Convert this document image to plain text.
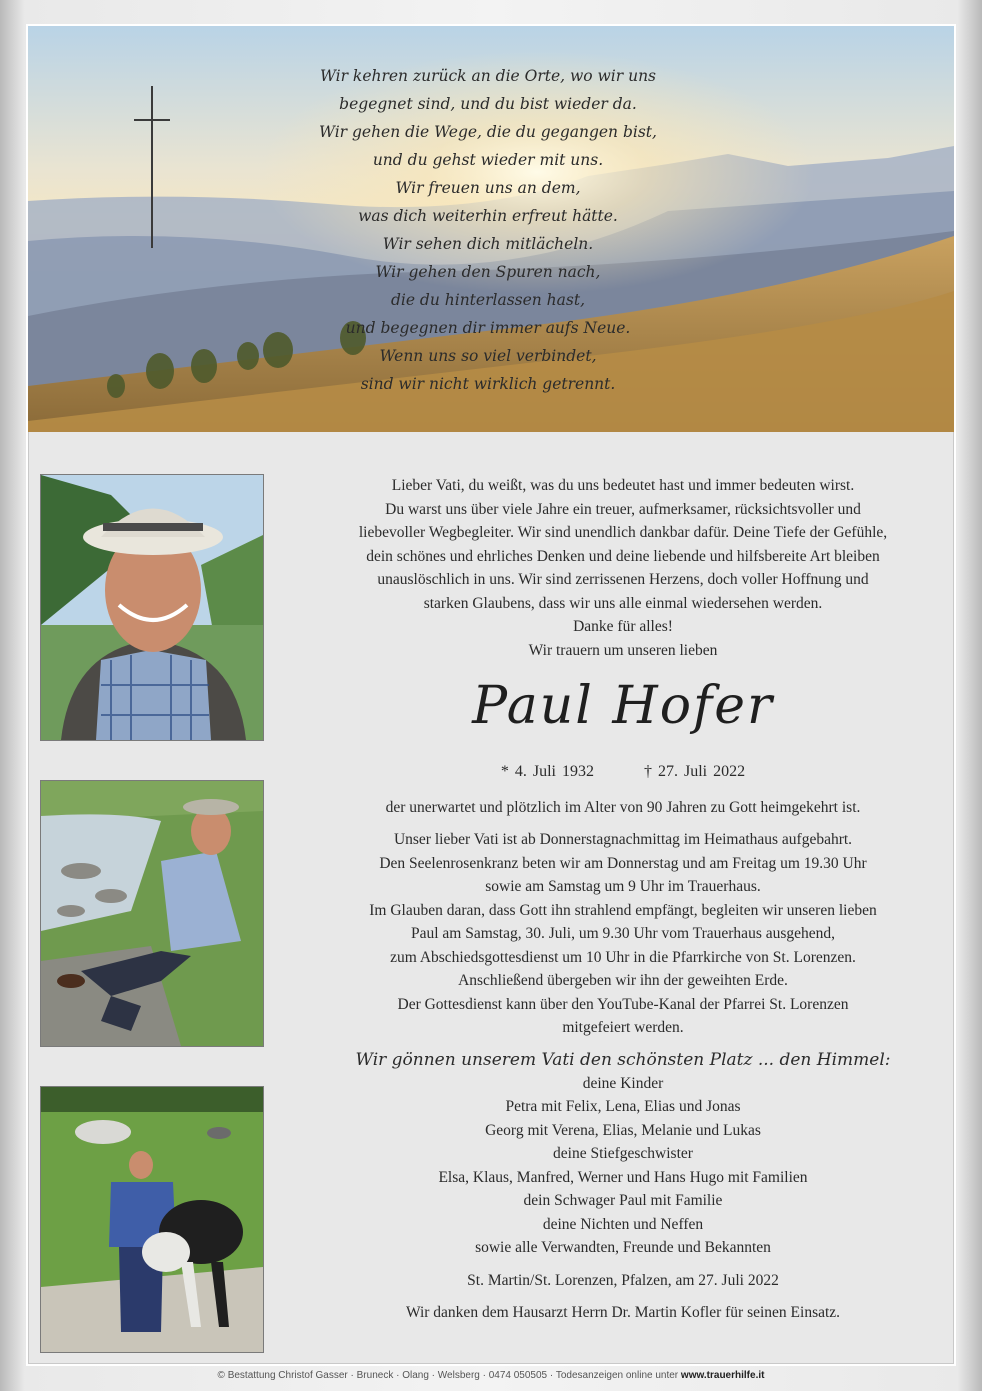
Wir kehren zurück an die Orte, wo wir uns
begegnet sind, und du bist wieder da.
Wir gehen die Wege, die du gegangen bist,
und du gehst wieder mit uns.
Wir freuen uns an dem,
was dich weiterhin erfreut hätte.
Wir sehen dich mitlächeln.
Wir gehen den Spuren nach,
die du hinterlassen hast,
und begegnen dir immer aufs Neue.
Wenn uns so viel verbindet,
sind wir nicht wirklich getrennt.
Lieber Vati, du weißt, was du uns bedeutet hast und immer bedeuten wirst.
Du warst uns über viele Jahre ein treuer, aufmerksamer, rücksichtsvoller und
liebevoller Wegbegleiter. Wir sind unendlich dankbar dafür. Deine Tiefe der Gefühle,
dein schönes und ehrliches Denken und deine liebende und hilfsbereite Art bleiben
unauslöschlich in uns. Wir sind zerrissenen Herzens, doch voller Hoffnung und
starken Glaubens, dass wir uns alle einmal wiedersehen werden.
Danke für alles!
Wir trauern um unseren lieben
Paul Hofer
* 4. Juli 1932	† 27. Juli 2022

der unerwartet und plötzlich im Alter von 90 Jahren zu Gott heimgekehrt ist.

Unser lieber Vati ist ab Donnerstagnachmittag im Heimathaus aufgebahrt.

Den Seelenrosenkranz beten wir am Donnerstag und am Freitag um 19.30 Uhr

sowie am Samstag um 9 Uhr im Trauerhaus.

Im Glauben daran, dass Gott ihn strahlend empfängt, begleiten wir unseren lieben

Paul am Samstag, 30. Juli, um 9.30 Uhr vom Trauerhaus ausgehend,

zum Abschiedsgottesdienst um 10 Uhr in die Pfarrkirche von St. Lorenzen.

Anschließend übergeben wir ihn der geweihten Erde.

Der Gottesdienst kann über den YouTube-Kanal der Pfarrei St. Lorenzen

mitgefeiert werden.

Wir gönnen unserem Vati den schönsten Platz ... den Himmel:

deine Kinder

Petra mit Felix, Lena, Elias und Jonas

Georg mit Verena, Elias, Melanie und Lukas

deine Stiefgeschwister

Elsa, Klaus, Manfred, Werner und Hans Hugo mit Familien

dein Schwager Paul mit Familie

deine Nichten und Neffen

sowie alle Verwandten, Freunde und Bekannten

St. Martin/St. Lorenzen, Pfalzen, am 27. Juli 2022

Wir danken dem Hausarzt Herrn Dr. Martin Kofler für seinen Einsatz.

© Bestattung Christof Gasser · Bruneck · Olang · Welsberg · 0474 050505 · Todesanzeigen online unter www.trauerhilfe.it
